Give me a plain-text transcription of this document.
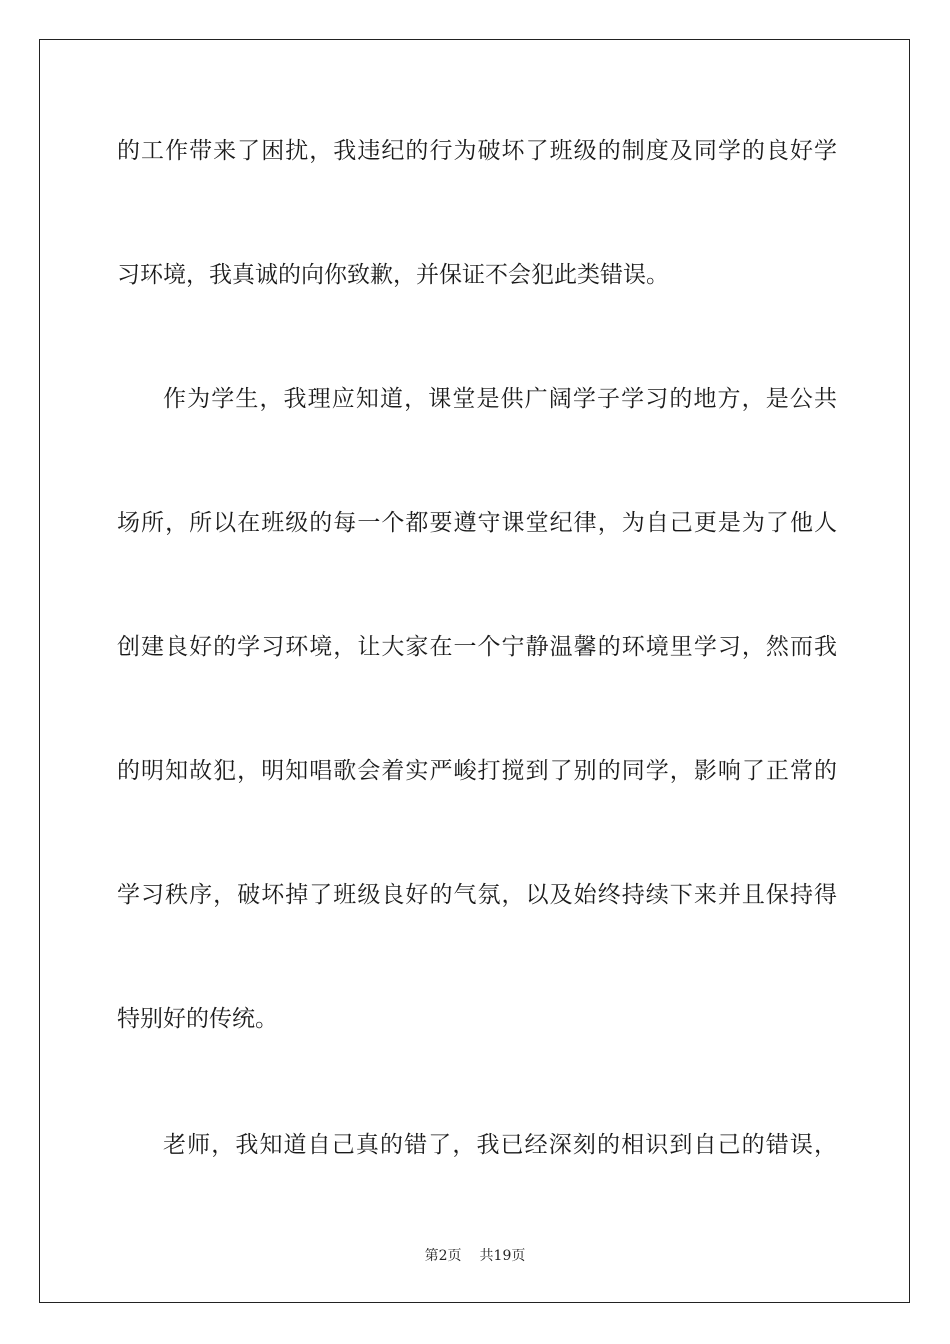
的工作带来了困扰，我违纪的行为破坏了班级的制度及同学的良好学
习环境，我真诚的向你致歉，并保证不会犯此类错误。
作为学生，我理应知道，课堂是供广阔学子学习的地方，是公共
场所，所以在班级的每一个都要遵守课堂纪律，为自己更是为了他人
创建良好的学习环境，让大家在一个宁静温馨的环境里学习，然而我
的明知故犯，明知唱歌会着实严峻打搅到了别的同学，影响了正常的
学习秩序，破坏掉了班级良好的气氛，以及始终持续下来并且保持得
特别好的传统。
老师，我知道自己真的错了，我已经深刻的相识到自己的错误，
第2页 共19页
